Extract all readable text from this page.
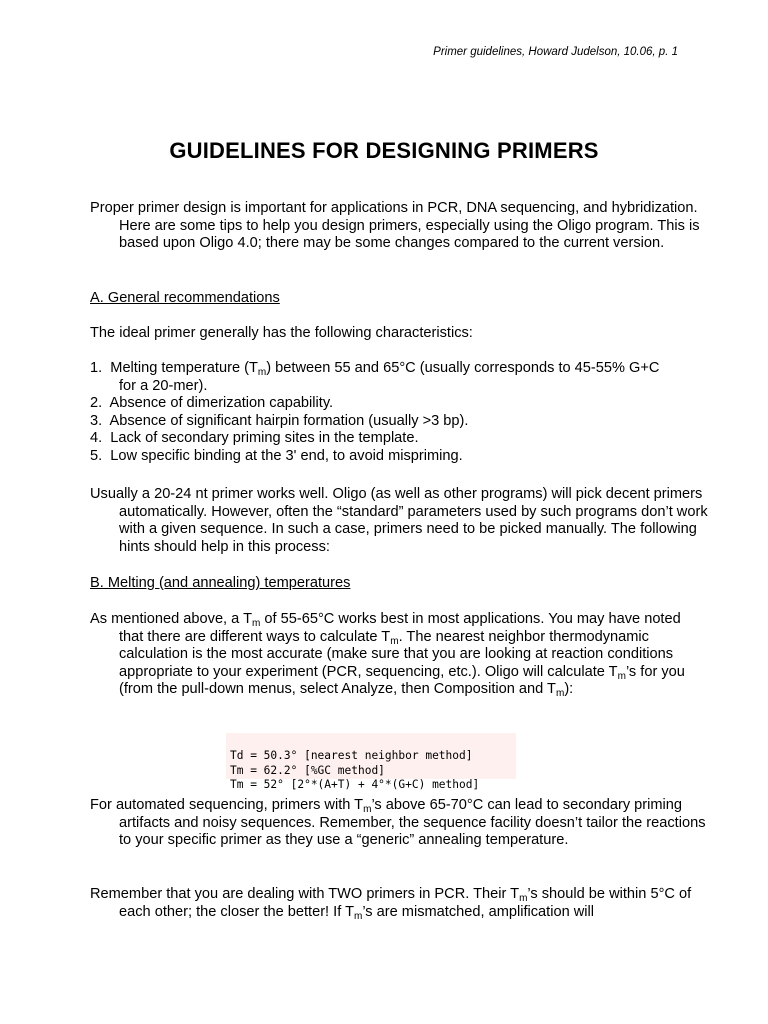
Primer guidelines, Howard Judelson, 10.06, p. 1
GUIDELINES FOR DESIGNING PRIMERS

Proper primer design is important for applications in PCR, DNA sequencing, and hybridization. Here are some tips to help you design primers, especially using the Oligo program. This is based upon Oligo 4.0; there may be some changes compared to the current version.

A. General recommendations

The ideal primer generally has the following characteristics:

1. Melting temperature $(T_m)$ between 55 and 65°C (usually corresponds to 45-55% G+C for a 20-mer).
2. Absence of dimerization capability.
3. Absence of significant hairpin formation (usually >3 bp).
4. Lack of secondary priming sites in the template.
5. Low specific binding at the 3' end, to avoid mispriming.

Usually a 20-24 nt primer works well. Oligo (as well as other programs) will pick decent primers automatically. However, often the “standard” parameters used by such programs don’t work with a given sequence. In such a case, primers need to be picked manually. The following hints should help in this process:

B. Melting (and annealing) temperatures

As mentioned above, a $T_m$ of 55-65°C works best in most applications. You may have noted that there are different ways to calculate $T_m$. The nearest neighbor thermodynamic calculation is the most accurate (make sure that you are looking at reaction conditions appropriate to your experiment (PCR, sequencing, etc.). Oligo will calculate $T_m’s$ for you (from the pull-down menus, select Analyze, then Composition and $T_m$):

Td = 50.3° [nearest neighbor method]
Tm = 62.2° [%GC method]
Tm = 52° [2°*(A+T) + 4°*(G+C) method]

For automated sequencing, primers with $T_m’s$ above 65-70°C can lead to secondary priming artifacts and noisy sequences. Remember, the sequence facility doesn’t tailor the reactions to your specific primer as they use a “generic” annealing temperature.

Remember that you are dealing with TWO primers in PCR. Their $T_m’s$ should be within 5°C of each other; the closer the better! If $T_m’s$ are mismatched, amplification will
